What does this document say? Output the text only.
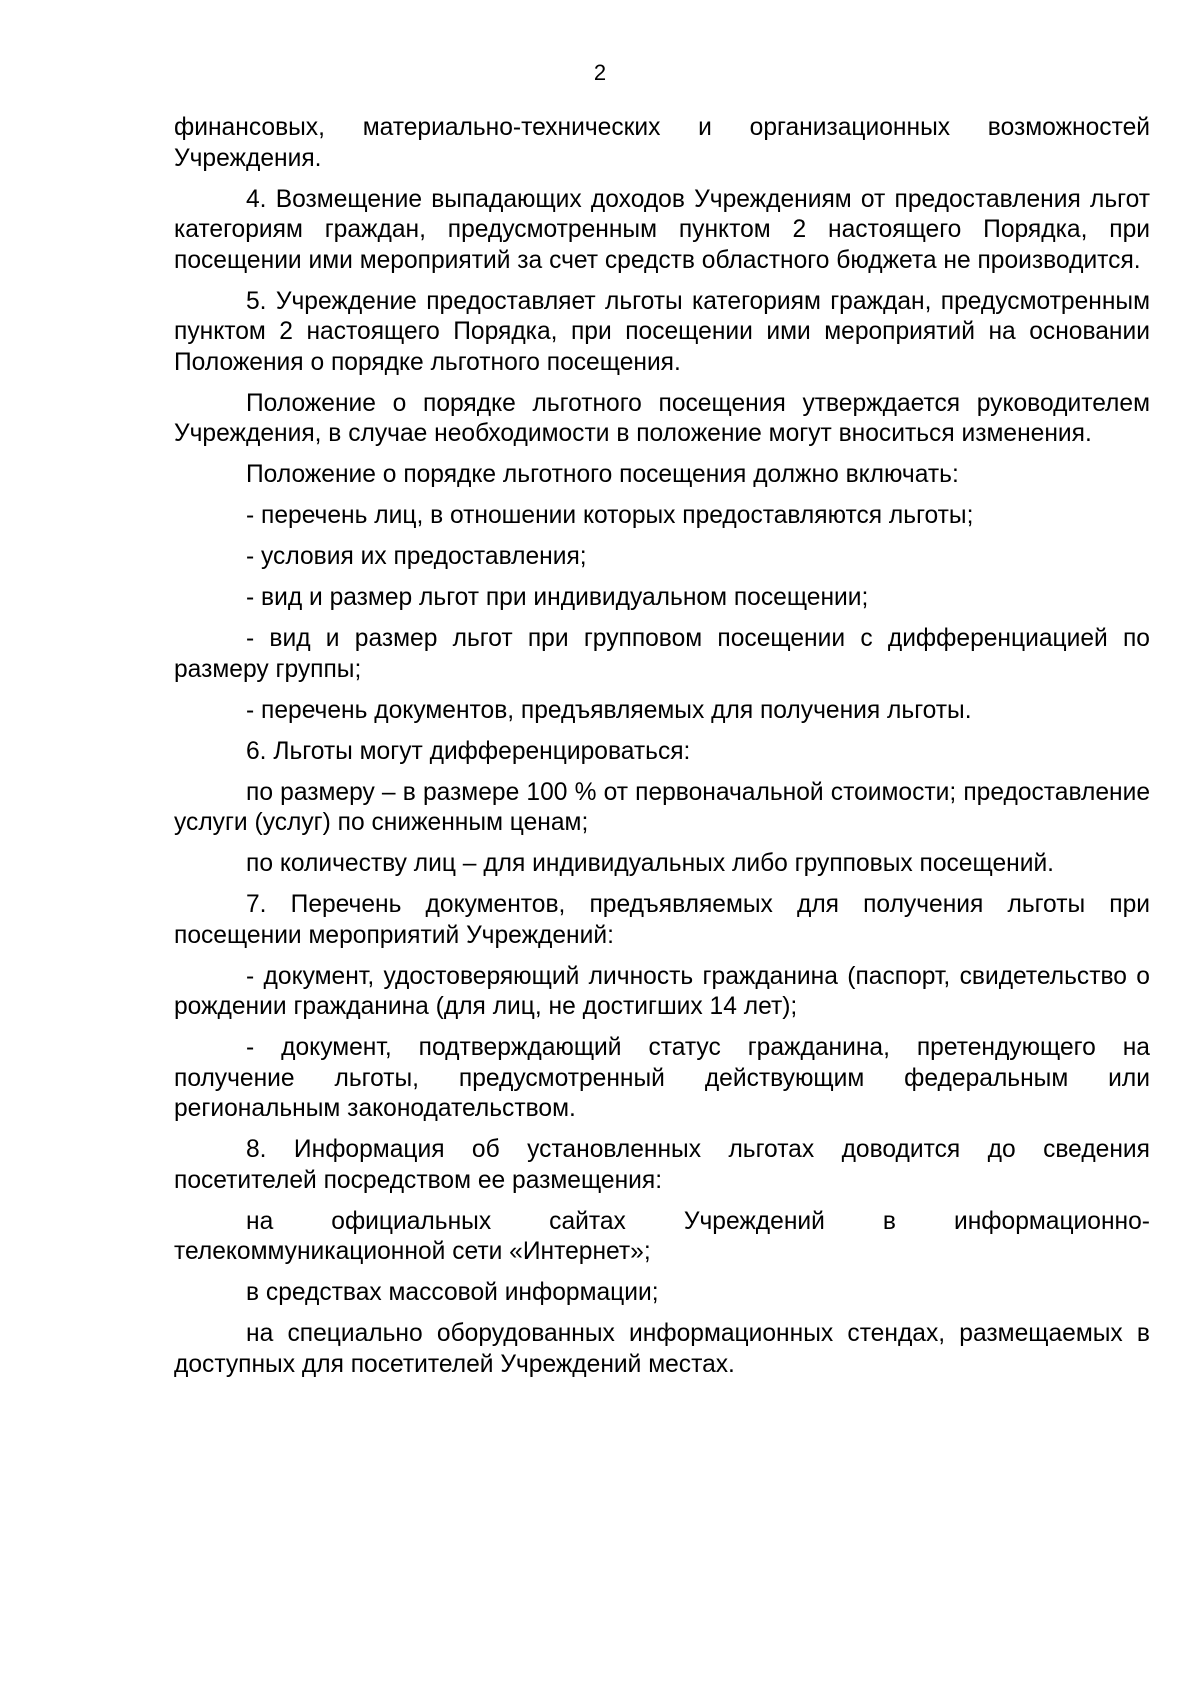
2

финансовых, материально-технических и организационных возможностей Учреждения.

4. Возмещение выпадающих доходов Учреждениям от предоставления льгот категориям граждан, предусмотренным пунктом 2 настоящего Порядка, при посещении ими мероприятий за счет средств областного бюджета не производится.

5. Учреждение предоставляет льготы категориям граждан, предусмотренным пунктом 2 настоящего Порядка, при посещении ими мероприятий на основании Положения о порядке льготного посещения.

Положение о порядке льготного посещения утверждается руководителем Учреждения, в случае необходимости в положение могут вноситься изменения.

Положение о порядке льготного посещения должно включать:

- перечень лиц, в отношении которых предоставляются льготы;

- условия их предоставления;

- вид и размер льгот при индивидуальном посещении;

- вид и размер льгот при групповом посещении с дифференциацией по размеру группы;

- перечень документов, предъявляемых для получения льготы.

6. Льготы могут дифференцироваться:

по размеру – в размере 100 % от первоначальной стоимости; предоставление услуги (услуг) по сниженным ценам;

по количеству лиц – для индивидуальных либо групповых посещений.

7. Перечень документов, предъявляемых для получения льготы при посещении мероприятий Учреждений:

- документ, удостоверяющий личность гражданина (паспорт, свидетельство о рождении гражданина (для лиц, не достигших 14 лет);

- документ, подтверждающий статус гражданина, претендующего на получение льготы, предусмотренный действующим федеральным или региональным законодательством.

8. Информация об установленных льготах доводится до сведения посетителей посредством ее размещения:

на официальных сайтах Учреждений в информационно-телекоммуникационной сети «Интернет»;

в средствах массовой информации;

на специально оборудованных информационных стендах, размещаемых в доступных для посетителей Учреждений местах.
